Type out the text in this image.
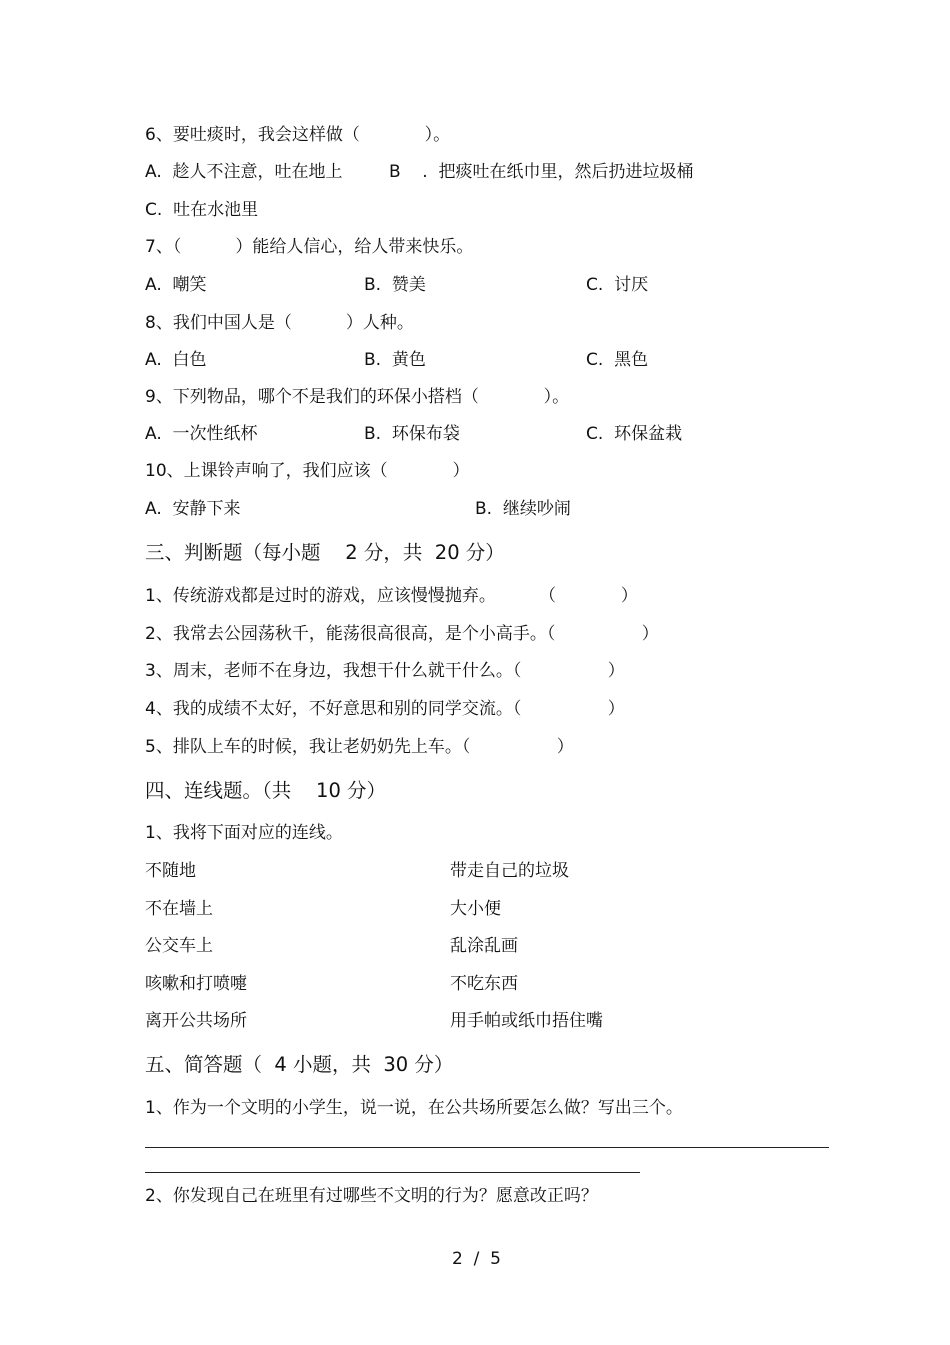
6、要吐痰时，我会这样做（            ）。
A.  趁人不注意，吐在地上	B    .  把痰吐在纸巾里，然后扔进垃圾桶
C.  吐在水池里
7、（          ）能给人信心，给人带来快乐。
A.  嘲笑	B.  赞美	C.  讨厌
8、我们中国人是（          ）人种。
A.  白色	B.  黄色	C.  黑色
9、下列物品，哪个不是我们的环保小搭档（            ）。
A.  一次性纸杯	B.  环保布袋	C.  环保盆栽
10、上课铃声响了，我们应该（            ）
A.  安静下来	B.  继续吵闹
三、判断题（每小题    2 分，共  20 分）
1、传统游戏都是过时的游戏，应该慢慢抛弃。        （            ）
2、我常去公园荡秋千，能荡很高很高，是个小高手。（                ）
3、周末，老师不在身边，我想干什么就干什么。（                ）
4、我的成绩不太好，不好意思和别的同学交流。（                ）
5、排队上车的时候，我让老奶奶先上车。（                ）
四、连线题。（共    10 分）
1、我将下面对应的连线。
不随地	带走自己的垃圾
不在墙上	大小便
公交车上	乱涂乱画
咳嗽和打喷嚏	不吃东西
离开公共场所	用手帕或纸巾捂住嘴
五、简答题（  4 小题，共  30 分）
1、作为一个文明的小学生，说一说，在公共场所要怎么做？写出三个。
2、你发现自己在班里有过哪些不文明的行为？愿意改正吗？
2  /  5
